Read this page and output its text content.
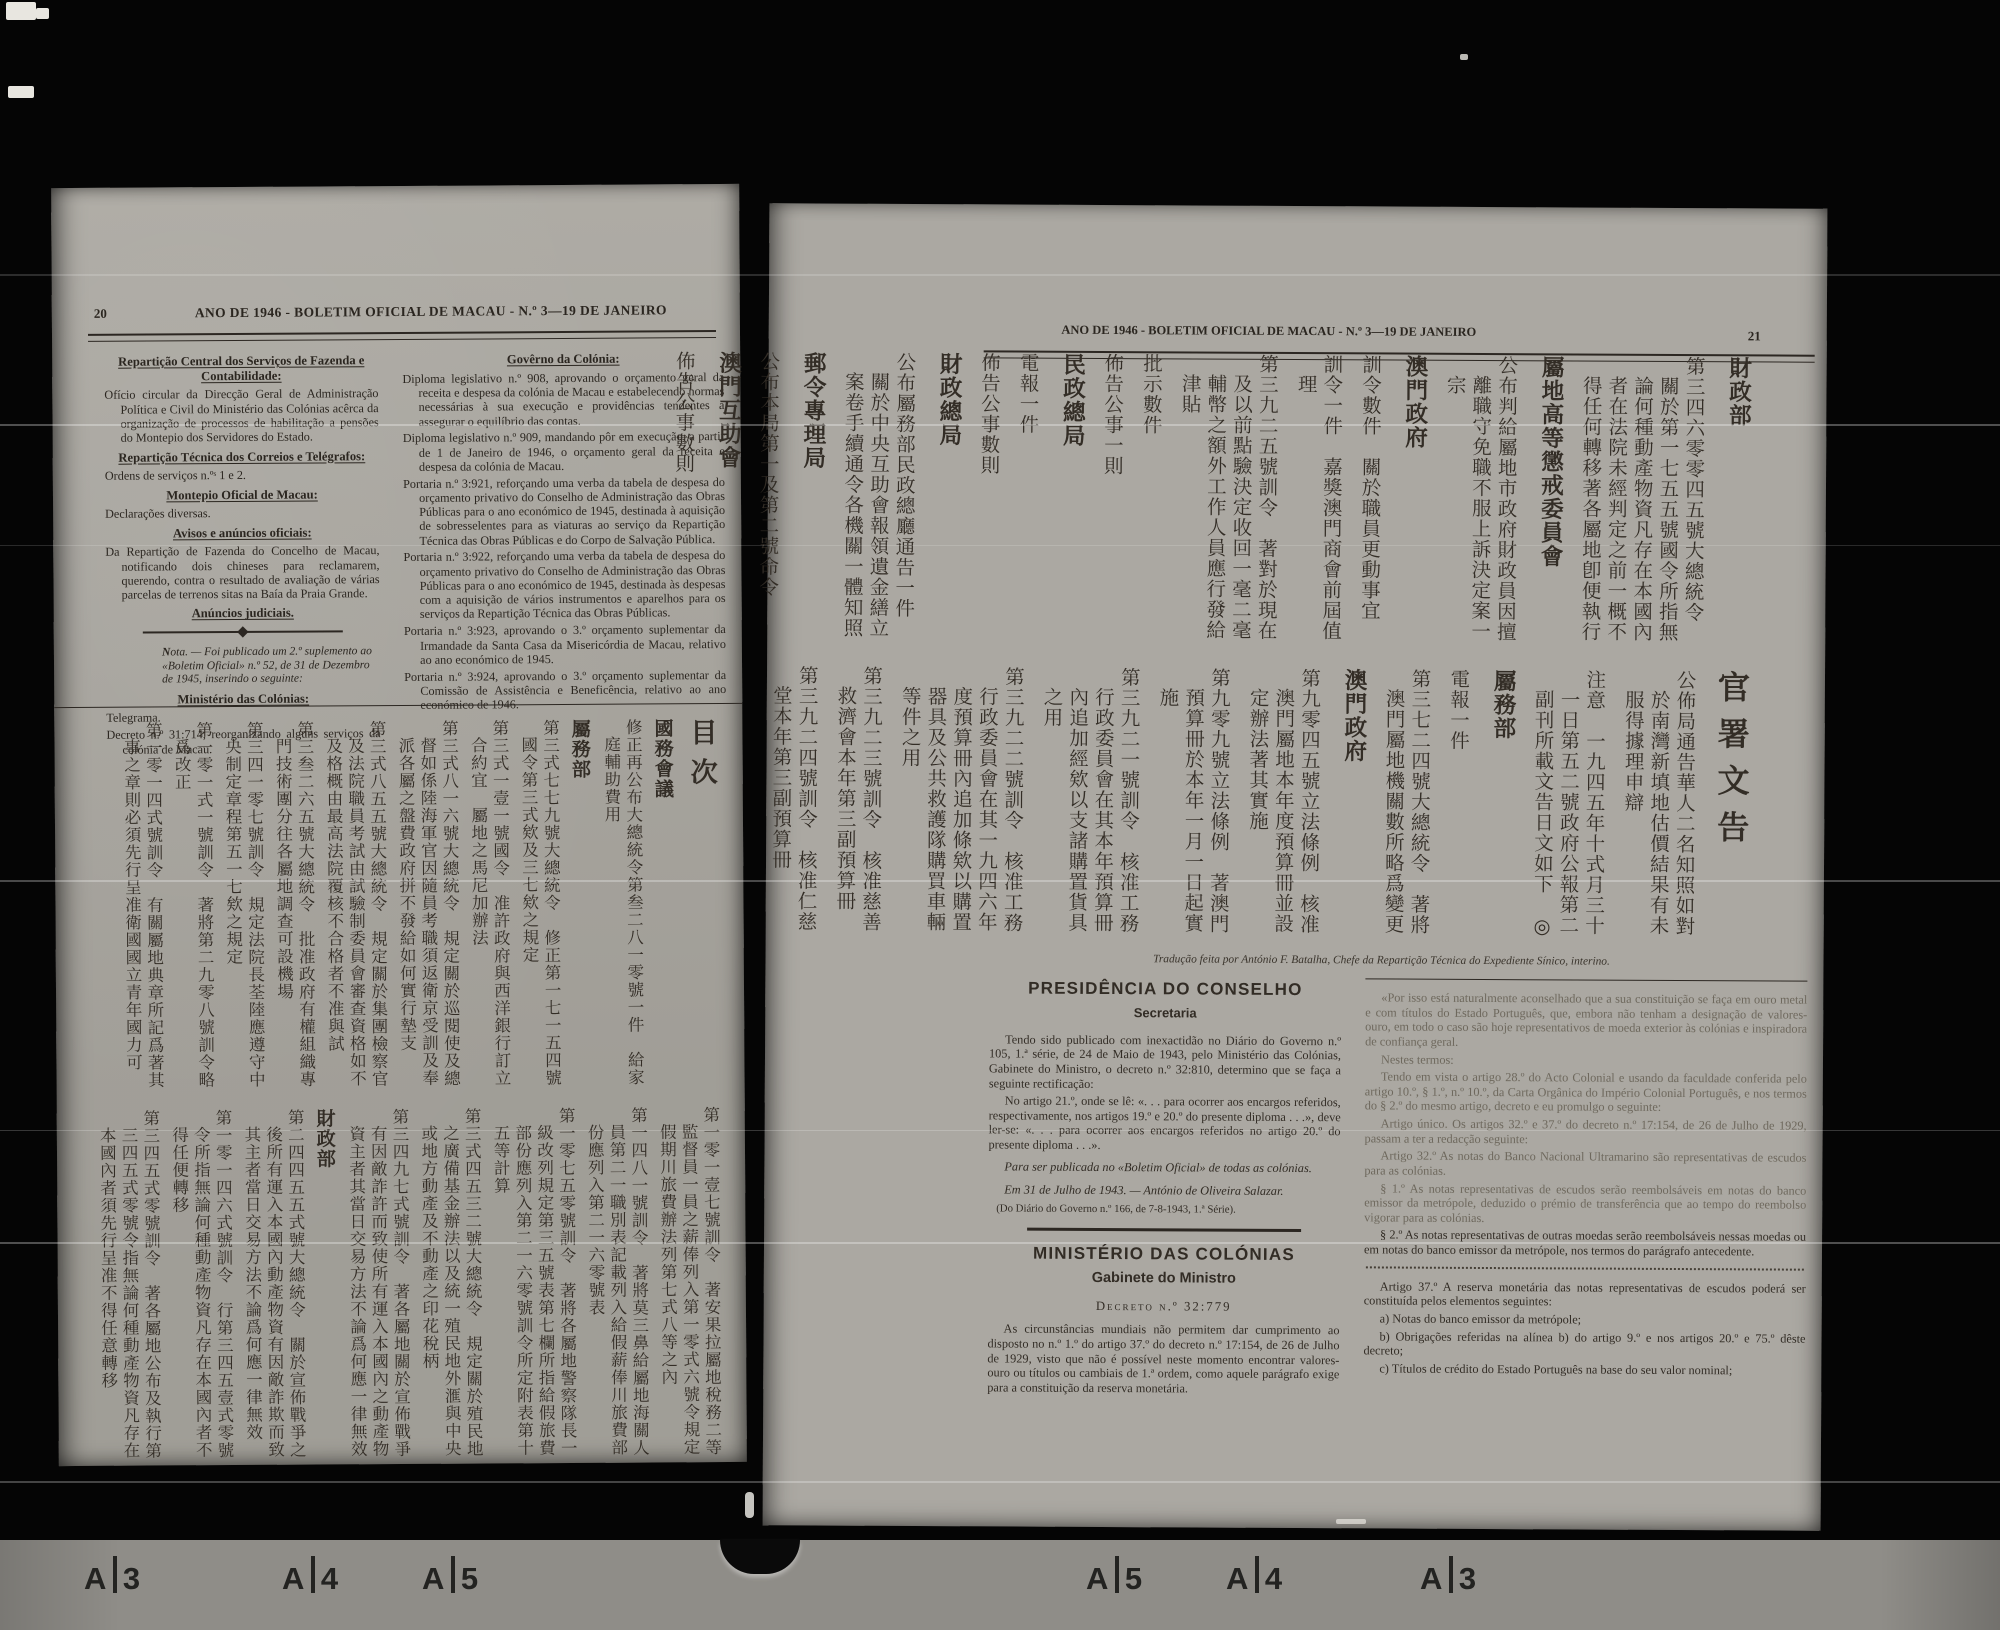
20	ANO DE 1946 - BOLETIM OFICIAL DE MACAU - N.º 3—19 DE JANEIRO
Repartição Central dos Serviços de Fazenda e Contabilidade:
Ofício circular da Direcção Geral de Administração Política e Civil do Ministério das Colónias acêrca da organização de processos de habilitação a pensões do Montepio dos Servidores do Estado.
Repartição Técnica dos Correios e Telégrafos:
Ordens de serviços n.ºˢ 1 e 2.
Montepio Oficial de Macau:
Declarações diversas.
Avisos e anúncios oficiais:
Da Repartição de Fazenda do Concelho de Macau, notificando dois chineses para reclamarem, querendo, contra o resultado de avaliação de várias parcelas de terrenos sitas na Baía da Praia Grande.
Anúncios judiciais.
Nota. — Foi publicado um 2.º suplemento ao «Boletim Oficial» n.º 52, de 31 de Dezembro de 1945, inserindo o seguinte:
Ministério das Colónias:
Telegrama.
Decreto n.º 31:714, reorganizando alguns serviços da colónia de Macau.
Govêrno da Colónia:
Diploma legislativo n.º 908, aprovando o orçamento geral da receita e despesa da colónia de Macau e estabelecendo normas necessárias à sua execução e providências tendentes a assegurar o equilíbrio das contas.
Diploma legislativo n.º 909, mandando pôr em execução, a partir de 1 de Janeiro de 1946, o orçamento geral da receita e despesa da colónia de Macau.
Portaria n.º 3:921, reforçando uma verba da tabela de despesa do orçamento privativo do Conselho de Administração das Obras Públicas para o ano económico de 1945, destinada à aquisição de sobresselentes para as viaturas ao serviço da Repartição Técnica das Obras Públicas e do Corpo de Salvação Pública.
Portaria n.º 3:922, reforçando uma verba da tabela de despesa do orçamento privativo do Conselho de Administração das Obras Públicas para o ano económico de 1945, destinada às despesas com a aquisição de vários instrumentos e aparelhos para os serviços da Repartição Técnica das Obras Públicas.
Portaria n.º 3:923, aprovando o 3.º orçamento suplementar da Irmandade da Santa Casa da Misericórdia de Macau, relativo ao ano económico de 1945.
Portaria n.º 3:924, aprovando o 3.º orçamento suplementar da Comissão de Assistência e Beneficência, relativo ao ano económico de 1946.
目次
國務會議
修正再公布大總統令第叁二八一零號一件　給家庭輔助費用
屬務部
第三式七七九號大總統令　修正第一七一五四號國令第三式欸及三七欸之規定
第三式一壹一號國令　准許政府與西洋銀行訂立合約宜　屬地之馬尼加辦法
第三式八一六號大總統令　規定關於巡閱使及總督如係陸海軍官因隨員考職須返衛京受訓及奉派各屬之盤費政府拼不發給如何實行墊支
第三式八五五號大總統令　規定關於集團檢察官及法院職員考試由試驗制委員會審查資格如不及格概由最高法院覆核不合格者不准與試
第三叁二六五號大總統令　批准政府有權組織專門技術團分往各屬地調查可設機場
第三四一零七號訓令　規定法院長荃陸應遵守中央制定章程第五一七欸之規定
第一零一式一號訓令　著將第二九零八號訓令略爲改正
第一零一四式號訓令　有關屬地典章所記爲著其事之章則必須先行呈准衛國國立青年國力可
第一零一壹七號訓令　著安果拉屬地稅務二等監督員一員之薪俸列入第一零式六號令規定假期川旅費辦法列第七式八等之內
第一四八一號訓令　著將莫三鼻給屬地海關人員第二一職別表記載列入給假薪俸川旅費部份應列入第二一六零號表
第一零七五零號訓令　著將各屬地警察隊長一級改列規定第三五號表第七欄所指給假旅費部份應列入第二一六零號訓令所定附表第十五等計算
第三式四五三二號大總統令　規定關於殖民地之廣備基金辦法以及統一殖民地外滙與中央或地方動產及不動產之印花稅柄
第三四九七式號訓令　著各屬地關於宣佈戰爭有因敵詐許而致使所有運入本國內之動產物資主者其當日交易方法不論爲何應一律無效
財政部
第二四四五五式號大總統令　關於宣佈戰爭之後所有運入本國內動產物資有因敵詐欺而致其主者當日交易方法不論爲何應一律無效
第一零一四六式號訓令　行第三四五壹式零號令所指無論何種動產物資凡存在本國內者不得任便轉移
第三四五式零號訓令　著各屬地公布及執行第三四五式零號令指無論何種動產物資凡存在本國內者須先行呈准不得任意轉移
ANO DE 1946 - BOLETIM OFICIAL DE MACAU - N.º 3—19 DE JANEIRO	21
財政部
第三四六零零四五號大總統令　關於第一七五五號國令所指無論何種動產物資凡存在本國內者在法院未經判定之前一概不得任何轉移著各屬地卽便執行
屬地高等懲戒委員會
公布判給屬地市政府財政員因擅離職守免職不服上訴決定案一宗
澳門政府
訓令數件　關於職員更動事宜
訓令一件　嘉獎澳門商會前屆值理
第三九二五號訓令　著對於現在及以前點驗決定收回一毫二毫輔幣之額外工作人員應行發給津貼
批示數件
佈告公事一則
民政總局
電報一件
佈告公事數則
財政總局
公布屬務部民政總廳通告一件　關於中央互助會報領遺金繕立案卷手續通令各機關一體知照
郵令專理局
公布本局第一及第二號命令
澳門互助會
佈告公事數則
官署文告
公佈局通告華人二名知照如對於南灣新填地估價結果有未服得據理申辯
注意　一九四五年十式月三十一日第五二號政府公報第二副刊所載文告日文如下　◎
屬務部
電報一件
第三七二四號大總統令　著將澳門屬地機關數所略爲變更
澳門政府
第九零四五號立法條例　核准澳門屬地本年度預算冊並設定辦法著其實施
第九零九號立法條例　著澳門預算冊於本年一月一日起實施
第三九二一號訓令　核准工務行政委員會在其本年預算冊內追加經欸以支諸購置貨具之用
第三九二二號訓令　核准工務行政委員會在其一九四六年度預算冊內追加條欸以購置器具及公共救護隊購買車輛等件之用
第三九二三號訓令　核准慈善救濟會本年第三副預算冊
第三九二四號訓令　核准仁慈堂本年第三副預算冊
Tradução feita por António F. Batalha, Chefe da Repartição Técnica do Expediente Sínico, interino.
PRESIDÊNCIA DO CONSELHO
Secretaria
Tendo sido publicado com inexactidão no Diário do Governo n.º 105, 1.ª série, de 24 de Maio de 1943, pelo Ministério das Colónias, Gabinete do Ministro, o decreto n.º 32:810, determino que se faça a seguinte rectificação:
No artigo 21.º, onde se lê: «. . . para ocorrer aos encargos referidos, respectivamente, nos artigos 19.º e 20.º do presente diploma . . .», deve ler-se: «. . . para ocorrer aos encargos referidos no artigo 20.º do presente diploma . . .».
Para ser publicada no «Boletim Oficial» de todas as colónias.
Em 31 de Julho de 1943. — António de Oliveira Salazar.
(Do Diário do Governo n.º 166, de 7-8-1943, 1.ª Série).
MINISTÉRIO DAS COLÓNIAS
Gabinete do Ministro
Decreto n.º 32:779
As circunstâncias mundiais não permitem dar cumprimento ao disposto no n.º 1.º do artigo 37.º do decreto n.º 17:154, de 26 de Julho de 1929, visto que não é possível neste momento encontrar valores-ouro ou títulos ou cambiais de 1.ª ordem, como aquele parágrafo exige para a constituição da reserva monetária.
«Por isso está naturalmente aconselhado que a sua constituição se faça em ouro metal e com títulos do Estado Português, que, embora não tenham a designação de valores-ouro, em todo o caso são hoje representativos de moeda exterior às colónias e inspiradora de confiança geral.
Nestes termos:
Tendo em vista o artigo 28.º do Acto Colonial e usando da faculdade conferida pelo artigo 10.º, § 1.º, n.º 10.º, da Carta Orgânica do Império Colonial Português, e nos termos do § 2.º do mesmo artigo, decreto e eu promulgo o seguinte:
Artigo único. Os artigos 32.º e 37.º do decreto n.º 17:154, de 26 de Julho de 1929, passam a ter a redacção seguinte:
Artigo 32.º As notas do Banco Nacional Ultramarino são representativas de escudos para as colónias.
§ 1.º As notas representativas de escudos serão reembolsáveis em notas do banco emissor da metrópole, deduzido o prémio de transferência que ao tempo do reembolso vigorar para as colónias.
§ 2.º As notas representativas de outras moedas serão reembolsáveis nessas moedas ou em notas do banco emissor da metrópole, nos termos do parágrafo antecedente.
Artigo 37.º A reserva monetária das notas representativas de escudos poderá ser constituída pelos elementos seguintes:
a) Notas do banco emissor da metrópole;
b) Obrigações referidas na alínea b) do artigo 9.º e nos artigos 20.º e 75.º dêste decreto;
c) Títulos de crédito do Estado Português na base do seu valor nominal;
A 3	A 4	A 5	A 5	A 4	A 3
